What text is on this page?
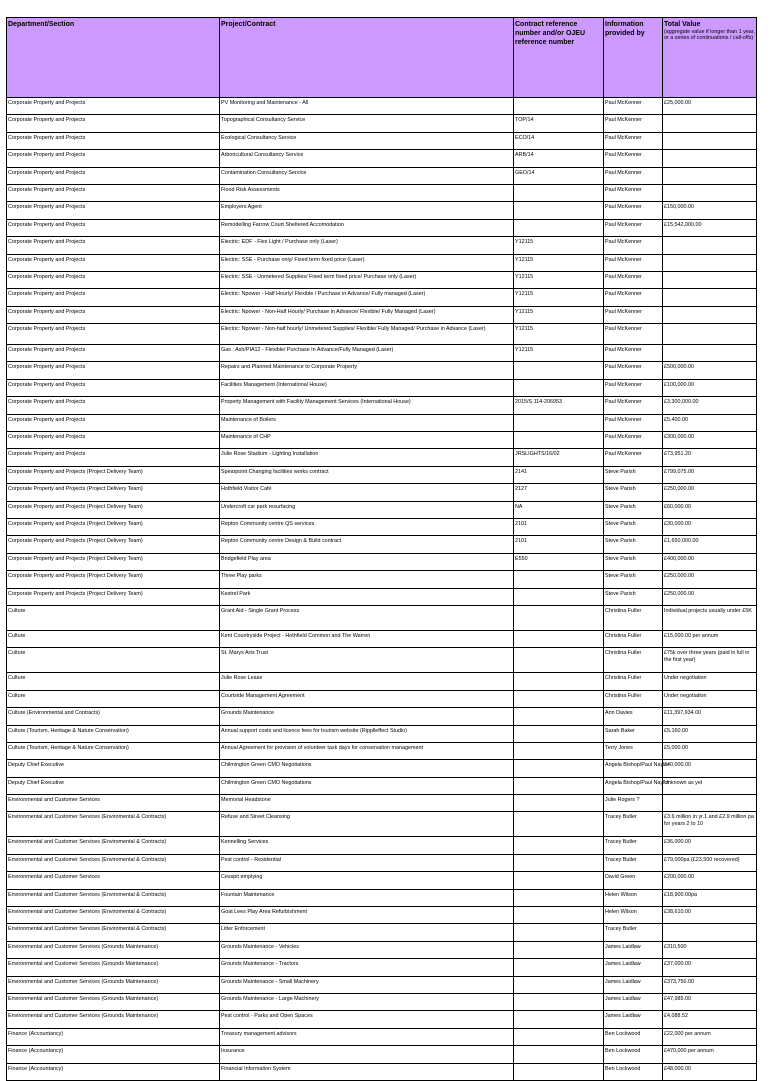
Department/Section	Project/Contract	Contract reference number and/or OJEU reference number	Information provided by	Total Value
(aggregate value if longer than 1 year, or a series of continuations / call-offs)

Corporate Property and Projects	PV Monitoring and Maintenance - All		Paul McKenner	£25,000.00
Corporate Property and Projects	Topographical Consultancy Service	TOP/14	Paul McKenner	
Corporate Property and Projects	Ecological Consultancy Service	ECO/14	Paul McKenner	
Corporate Property and Projects	Arboricultural Consultancy Service	ARB/14	Paul McKenner	
Corporate Property and Projects	Contamination Consultancy Service	GEO/14	Paul McKenner	
Corporate Property and Projects	Flood Risk Assessments		Paul McKenner	
Corporate Property and Projects	Employers Agent		Paul McKenner	£150,000.00
Corporate Property and Projects	Remodelling Farrow Court Sheltered Accomodation		Paul McKenner	£15,542,000.00
Corporate Property and Projects	Electric: EDF - Flex Light / Purchase only (Laser)	Y12115	Paul McKenner	
Corporate Property and Projects	Electric: SSE - Purchase only/ Fixed term fixed price (Laser)	Y12115	Paul McKenner	
Corporate Property and Projects	Electric: SSE - Unmetered Supplies/ Fixed term fixed price/ Purchase only (Laser)	Y12115	Paul McKenner	
Corporate Property and Projects	Electric: Npower - Half Hourly/ Flexible / Purchase in Advance/ Fully managed (Laser)	Y12115	Paul McKenner	
Corporate Property and Projects	Electric: Npower - Non-Half Hourly/ Purchase in Advance/ Flexible/ Fully Managed (Laser)	Y12115	Paul McKenner	
Corporate Property and Projects	Electric: Npower - Non-half hourly/ Unmetered Supplies/ Flexible/ Fully Managed/ Purchase in Advance (Laser)	Y12115	Paul McKenner	
Corporate Property and Projects	Gas : Ash/PIA12 - Flexible/ Purchase In Advance/Fully Managed (Laser)	Y12115	Paul McKenner	
Corporate Property and Projects	Repairs and Planned Maintenance to Corporate Property		Paul McKenner	£500,000.00
Corporate Property and Projects	Facilities Management (International House)		Paul McKenner	£100,000.00
Corporate Property and Projects	Property Management with Facility Management Services (International House)	2015/S 114-206953	Paul McKenner	£3,300,000.00
Corporate Property and Projects	Maintenance of Boilers		Paul McKenner	£5,400.00
Corporate Property and Projects	Maintenance of CHP		Paul McKenner	£300,000.00
Corporate Property and Projects	Julie Rose Stadium - Lighting Installation	JRSLIGHTS/16/02	Paul McKenner	£73,951.20
Corporate Property and Projects (Project Delivery Team)	Spearpoint Changing facilities works contract	2141	Steve Parish	£799,075.00
Corporate Property and Projects (Project Delivery Team)	Hothfield Visitor Café	2127	Steve Parish	£250,000.00
Corporate Property and Projects (Project Delivery Team)	Undercroft car park resurfacing	NA	Steve Parish	£60,000.00
Corporate Property and Projects (Project Delivery Team)	Repton Community centre QS services	2101	Steve Parish	£30,000.00
Corporate Property and Projects (Project Delivery Team)	Repton Community centre Design & Build contract	2101	Steve Parish	£1,650,000.00
Corporate Property and Projects (Project Delivery Team)	Bridgefield Play area	E550	Steve Parish	£400,000.00
Corporate Property and Projects (Project Delivery Team)	Three Play parks		Steve Parish	£250,000.00
Corporate Property and Projects (Project Delivery Team)	Kestrel Park		Steve Parish	£250,000.00
Culture	Grant Aid - Single Grant Process		Christina Fuller	Individual projects usually under £5K
Culture	Kent Countryside Project - Hothfield Common and The Warren		Christina Fuller	£15,000.00 per annum
Culture	St. Marys Arts Trust		Christina Fuller	£75k over three years (paid in full in the first year)
Culture	Julie Rose Lease		Christina Fuller	Under negotiation
Culture	Courtside Management Agreement		Christina Fuller	Under negotiation
Culture (Environmental and Contracts)	Grounds Maintenance		Ann Davies	£11,397,934.00
Culture (Tourism, Heritage & Nature Conservation)	Annual support costs and licence fees for tourism website (Ripplleffect Studio)		Sarah Baker	£5,160.00
Culture (Tourism, Heritage & Nature Conservation)	Annual Agreement for provision of volunteer task days for conservation management		Terry Jones	£5,000.00
Deputy Chief Executive	Chilmington Green CMO Negotiations		Angela Bishop/Paul Naylor	£40,000.00
Deputy Chief Executive	Chilmington Green CMO Negotiations		Angela Bishop/Paul Naylor	Unknown as yet
Environmental and Customer Services	Memorial Headstone		Julie Rogers ?	
Environmental and Customer Services (Enviromental & Contracts)	Refuse and Street Cleansing		Tracey Butler	£3.6 million in yr.1 and £2.9 million pa for years 2 to 10
Environmental and Customer Services (Enviromental & Contracts)	Kennelling Services		Tracey Butler	£36,000.00
Environmental and Customer Services (Enviromental & Contracts)	Pest control - Residential		Tracey Butler	£79,000pa (£23,500 recovered)
Environmental and Customer Services	Cesspit emptying		David Green	£200,000.00
Environmental and Customer Services (Enviromental & Contracts)	Fountain Maintenance		Helen Wilson	£18,900.00pa
Environmental and Customer Services (Enviromental & Contracts)	Goat Lees Play Area Refurbishment		Helen Wilson	£38,610.00
Environmental and Customer Services (Enviromental & Contracts)	Litter Enforcement		Tracey Butler	
Environmental and Customer Services (Grounds Maintenance)	Grounds Maintenance - Vehicles		James Laidlaw	£310,500
Environmental and Customer Services (Grounds Maintenance)	Grounds Maintenance - Tractors		James Laidlaw	£37,000.00
Environmental and Customer Services (Grounds Maintenance)	Grounds Maintenance - Small Machinery		James Laidlaw	£373,750.00
Environmental and Customer Services (Grounds Maintenance)	Grounds Maintenance - Large Machinery		James Laidlaw	£47,985.00
Environmental and Customer Services (Grounds Maintenance)	Pest control - Parks and Open Spaces		James Laidlaw	£4,088.52
Finance (Accountancy)	Treasury management advisors		Ben Lockwood	£22,000 per annum
Finance (Accountancy)	Insurance		Ben Lockwood	£470,000 per annum
Finance (Accountancy)	Financial Information System		Ben Lockwood	£48,000.00
